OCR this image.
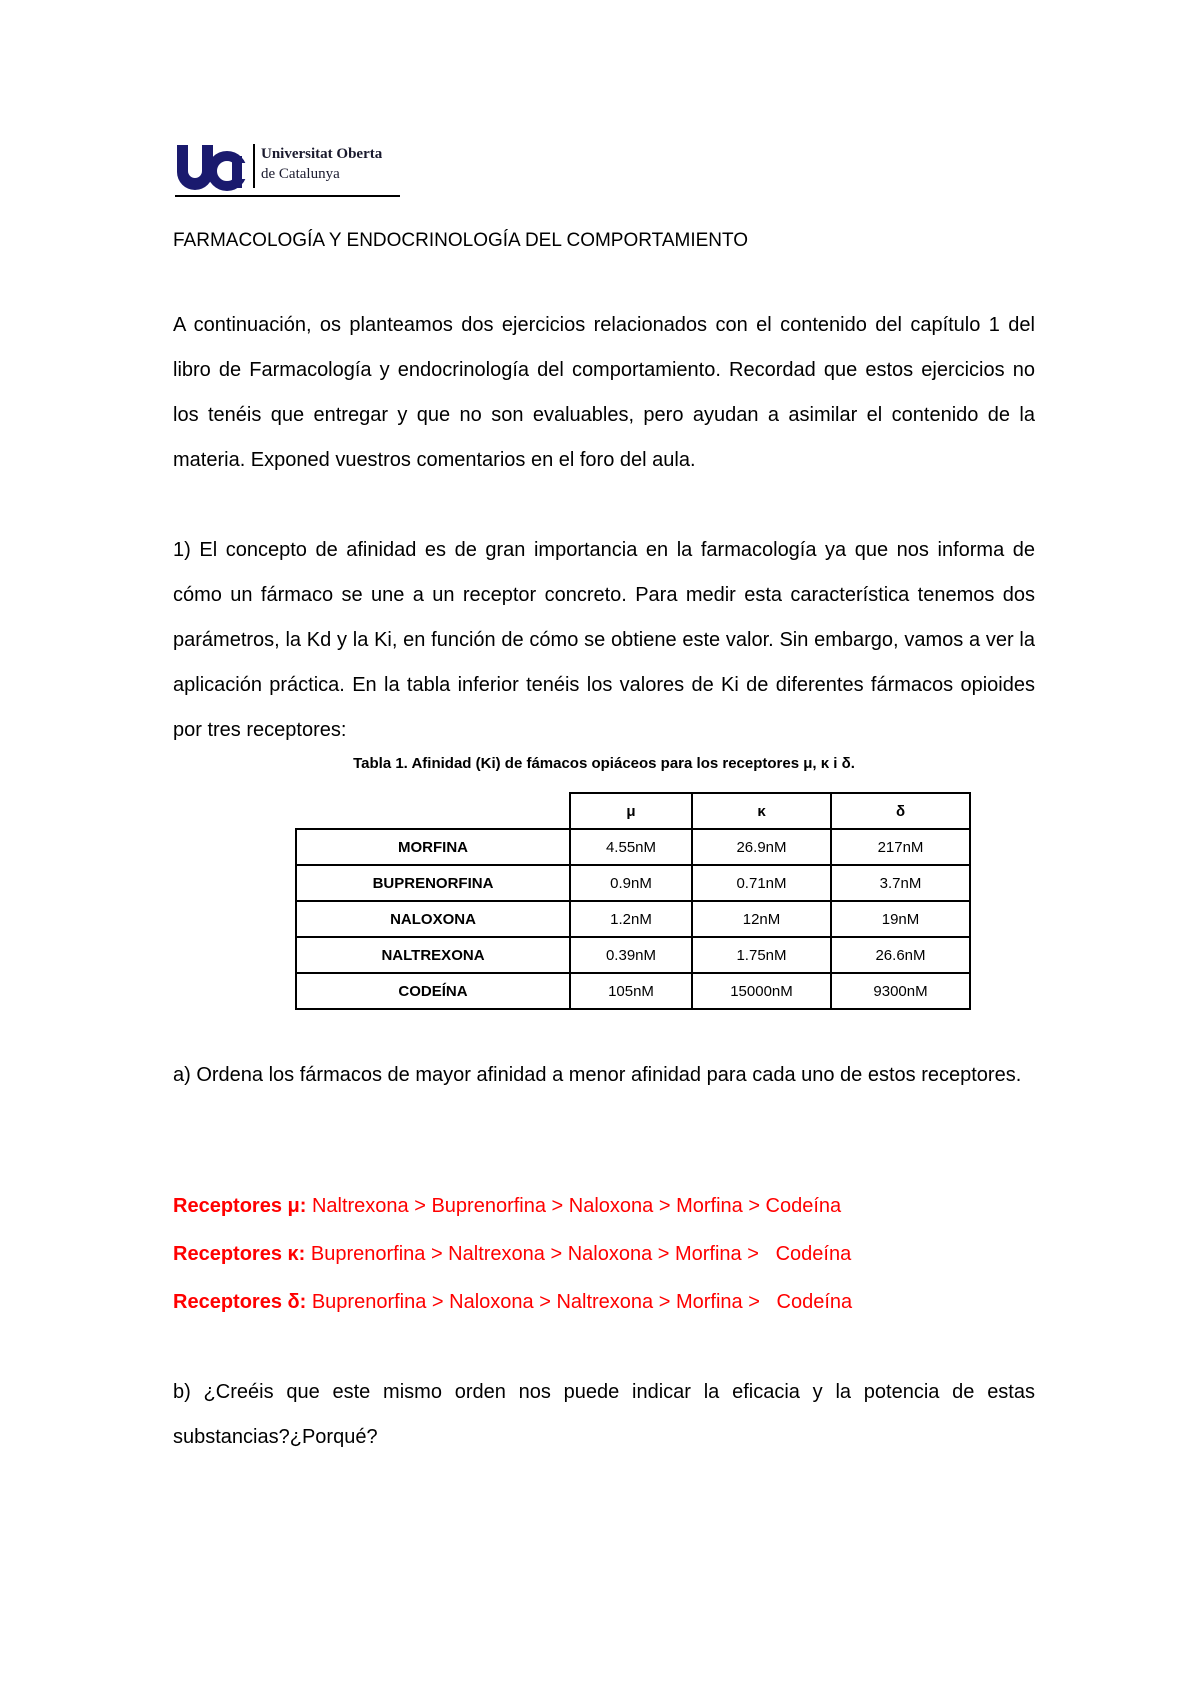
Universitat Oberta
de Catalunya
FARMACOLOGÍA Y ENDOCRINOLOGÍA DEL COMPORTAMIENTO

A continuación, os planteamos dos ejercicios relacionados con el contenido del capítulo 1 del libro de Farmacología y endocrinología del comportamiento. Recordad que estos ejercicios no los tenéis que entregar y que no son evaluables, pero ayudan a asimilar el contenido de la materia. Exponed vuestros comentarios en el foro del aula.

1) El concepto de afinidad es de gran importancia en la farmacología ya que nos informa de cómo un fármaco se une a un receptor concreto. Para medir esta característica tenemos dos parámetros, la Kd y la Ki, en función de cómo se obtiene este valor. Sin embargo, vamos a ver la aplicación práctica. En la tabla inferior tenéis los valores de Ki de diferentes fármacos opioides por tres receptores:

Tabla 1. Afinidad (Ki) de fámacos opiáceos para los receptores μ, κ i δ.

	μ	κ	δ
MORFINA	4.55nM	26.9nM	217nM
BUPRENORFINA	0.9nM	0.71nM	3.7nM
NALOXONA	1.2nM	12nM	19nM
NALTREXONA	0.39nM	1.75nM	26.6nM
CODEÍNA	105nM	15000nM	9300nM

a) Ordena los fármacos de mayor afinidad a menor afinidad para cada uno de estos receptores.

Receptores μ: Naltrexona > Buprenorfina > Naloxona > Morfina > Codeína

Receptores κ: Buprenorfina > Naltrexona > Naloxona > Morfina >   Codeína

Receptores δ: Buprenorfina > Naloxona > Naltrexona > Morfina >   Codeína

b) ¿Creéis que este mismo orden nos puede indicar la eficacia y la potencia de estas substancias?¿Porqué?
